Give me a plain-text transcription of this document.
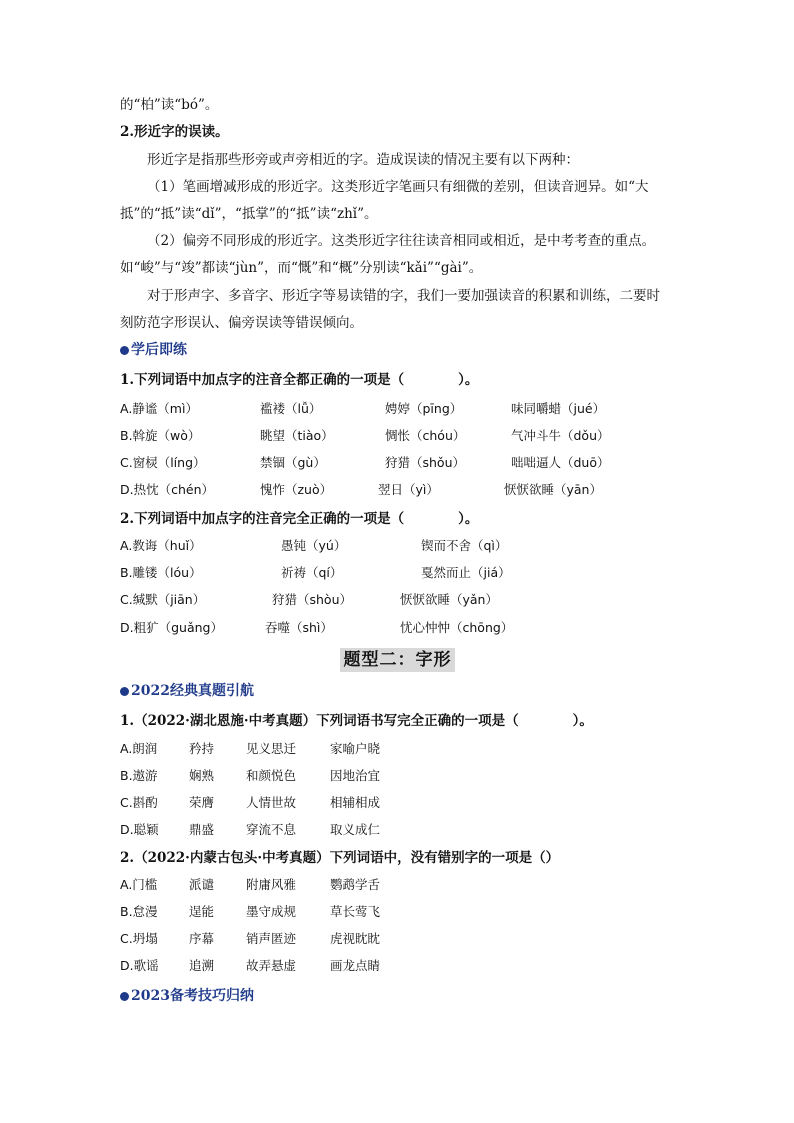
的“柏”读“bó”。
2.形近字的误读。
形近字是指那些形旁或声旁相近的字。造成误读的情况主要有以下两种：
（1）笔画增减形成的形近字。这类形近字笔画只有细微的差别，但读音迥异。如“大
抵”的“抵”读“dǐ”，“抵掌”的“抵”读“zhǐ”。
（2）偏旁不同形成的形近字。这类形近字往往读音相同或相近，是中考考查的重点。
如“峻”与“竣”都读“jùn”，而“慨”和“概”分别读“kǎi”“gài”。
对于形声字、多音字、形近字等易读错的字，我们一要加强读音的积累和训练，二要时
刻防范字形误认、偏旁误读等错误倾向。
学后即练
1.下列词语中加点字的注音全都正确的一项是（　　　　）。
A.静谧（mì）	褴褛（lǚ）	娉婷（pīng）	味同嚼蜡（jué）
B.斡旋（wò）	眺望（tiào）	惆怅（chóu）	气冲斗牛（dǒu）
C.窗棂（líng）	禁锢（gù）	狩猎（shǒu）	咄咄逼人（duō）
D.热忱（chén）	愧怍（zuò）	翌日（yì）	恹恹欲睡（yān）
2.下列词语中加点字的注音完全正确的一项是（　　　　）。
A.教诲（huǐ）	愚钝（yú）	锲而不舍（qì）
B.雕镂（lóu）	祈祷（qí）	戛然而止（jiá）
C.缄默（jiān）	狩猎（shòu）	恹恹欲睡（yǎn）
D.粗犷（guǎng）	吞噬（shì）	忧心忡忡（chōng）
题型二：字形
2022经典真题引航
1.（2022·湖北恩施·中考真题）下列词语书写完全正确的一项是（　　　　）。
A.朗润	矜持	见义思迁	家喻户晓
B.遨游	娴熟	和颜悦色	因地治宜
C.斟酌	荣膺	人情世故	相辅相成
D.聪颖 鼎盛	穿流不息	取义成仁
2.（2022·内蒙古包头·中考真题）下列词语中，没有错别字的一项是（）
A.门槛	派谴	附庸风雅	鹦鹉学舌
B.怠漫	逞能	墨守成规	草长莺飞
C.坍塌	序幕	销声匿迹	虎视眈眈
D.歌谣 追溯	故弄悬虚	画龙点睛
2023备考技巧归纳
